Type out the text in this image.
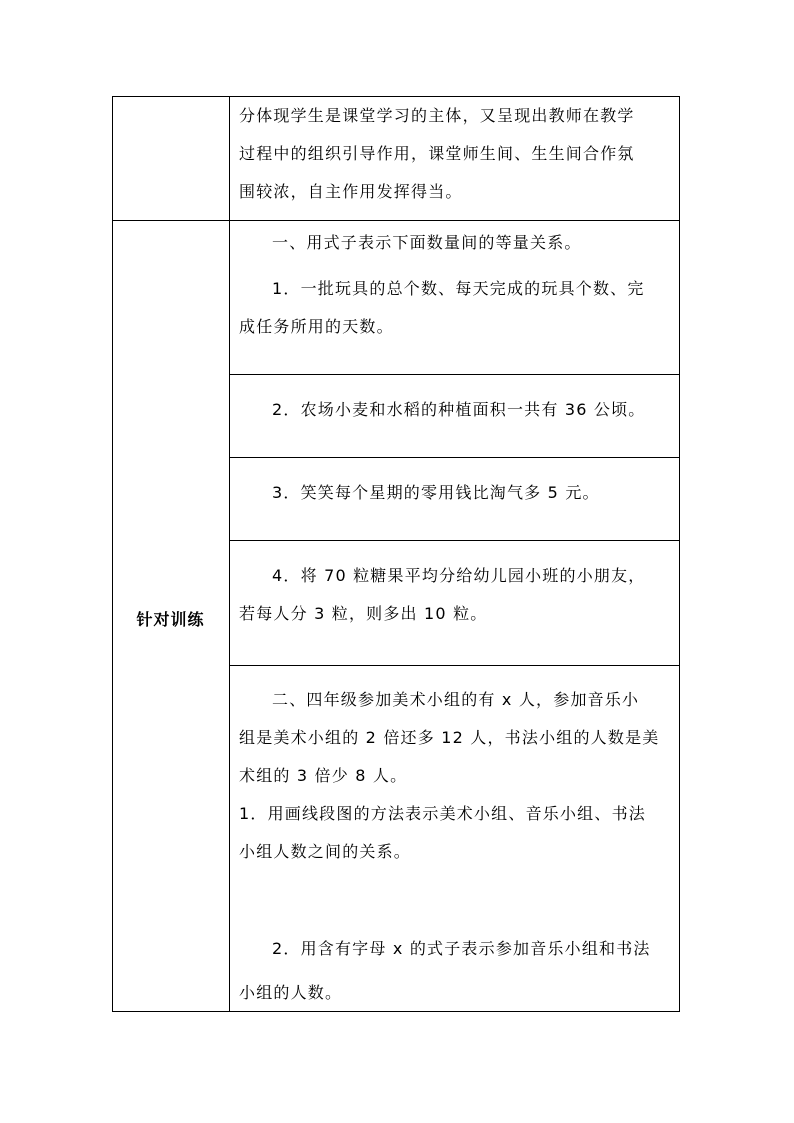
分体现学生是课堂学习的主体，又呈现出教师在教学

过程中的组织引导作用，课堂师生间、生生间合作氛

围较浓，自主作用发挥得当。

针对训练

一、用式子表示下面数量间的等量关系。

1．一批玩具的总个数、每天完成的玩具个数、完

成任务所用的天数。

2．农场小麦和水稻的种植面积一共有 36 公顷。

3．笑笑每个星期的零用钱比淘气多 5 元。

4．将 70 粒糖果平均分给幼儿园小班的小朋友，

若每人分 3 粒，则多出 10 粒。

二、四年级参加美术小组的有 x 人，参加音乐小

组是美术小组的 2 倍还多 12 人，书法小组的人数是美

术组的 3 倍少 8 人。

1．用画线段图的方法表示美术小组、音乐小组、书法

小组人数之间的关系。

2．用含有字母 x 的式子表示参加音乐小组和书法

小组的人数。
